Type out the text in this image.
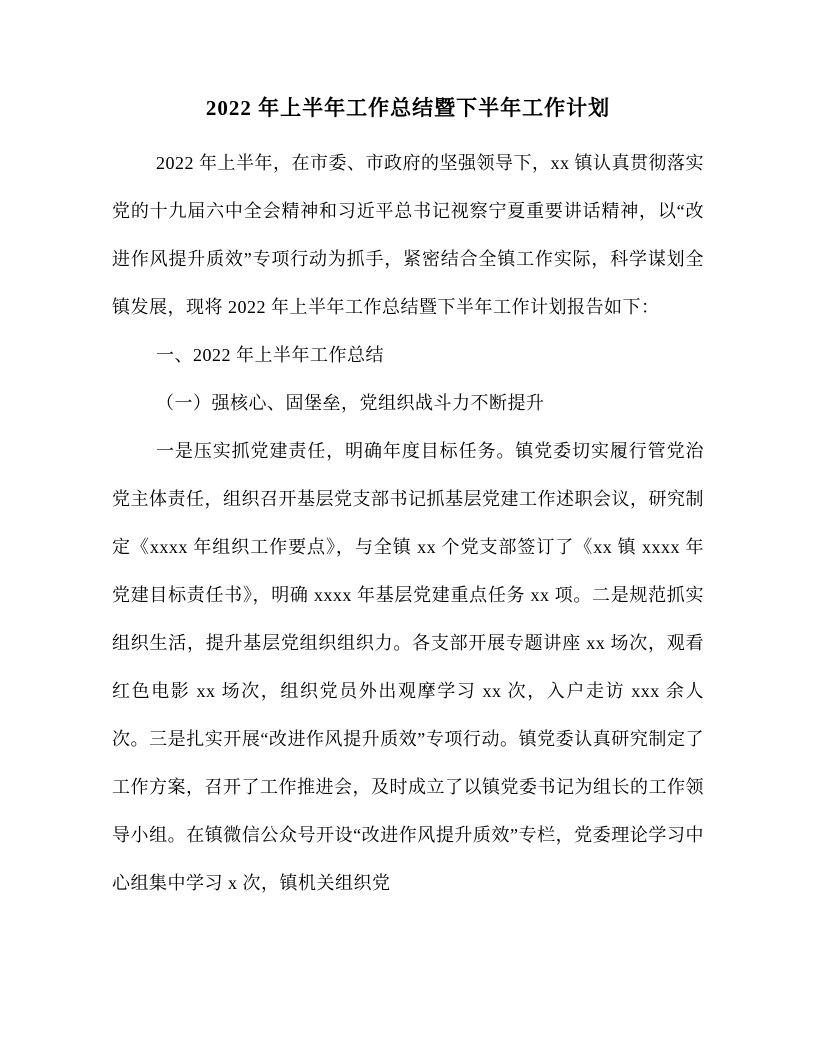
2022 年上半年工作总结暨下半年工作计划

2022 年上半年，在市委、市政府的坚强领导下，xx 镇认真贯彻落实党的十九届六中全会精神和习近平总书记视察宁夏重要讲话精神，以“改进作风提升质效”专项行动为抓手，紧密结合全镇工作实际，科学谋划全镇发展，现将 2022 年上半年工作总结暨下半年工作计划报告如下：

一、2022 年上半年工作总结

（一）强核心、固堡垒，党组织战斗力不断提升

一是压实抓党建责任，明确年度目标任务。镇党委切实履行管党治党主体责任，组织召开基层党支部书记抓基层党建工作述职会议，研究制定《xxxx 年组织工作要点》，与全镇 xx 个党支部签订了《xx 镇 xxxx 年党建目标责任书》，明确 xxxx 年基层党建重点任务 xx 项。二是规范抓实组织生活，提升基层党组织组织力。各支部开展专题讲座 xx 场次，观看红色电影 xx 场次，组织党员外出观摩学习 xx 次，入户走访 xxx 余人次。三是扎实开展“改进作风提升质效”专项行动。镇党委认真研究制定了工作方案，召开了工作推进会，及时成立了以镇党委书记为组长的工作领导小组。在镇微信公众号开设“改进作风提升质效”专栏，党委理论学习中心组集中学习 x 次，镇机关组织党
